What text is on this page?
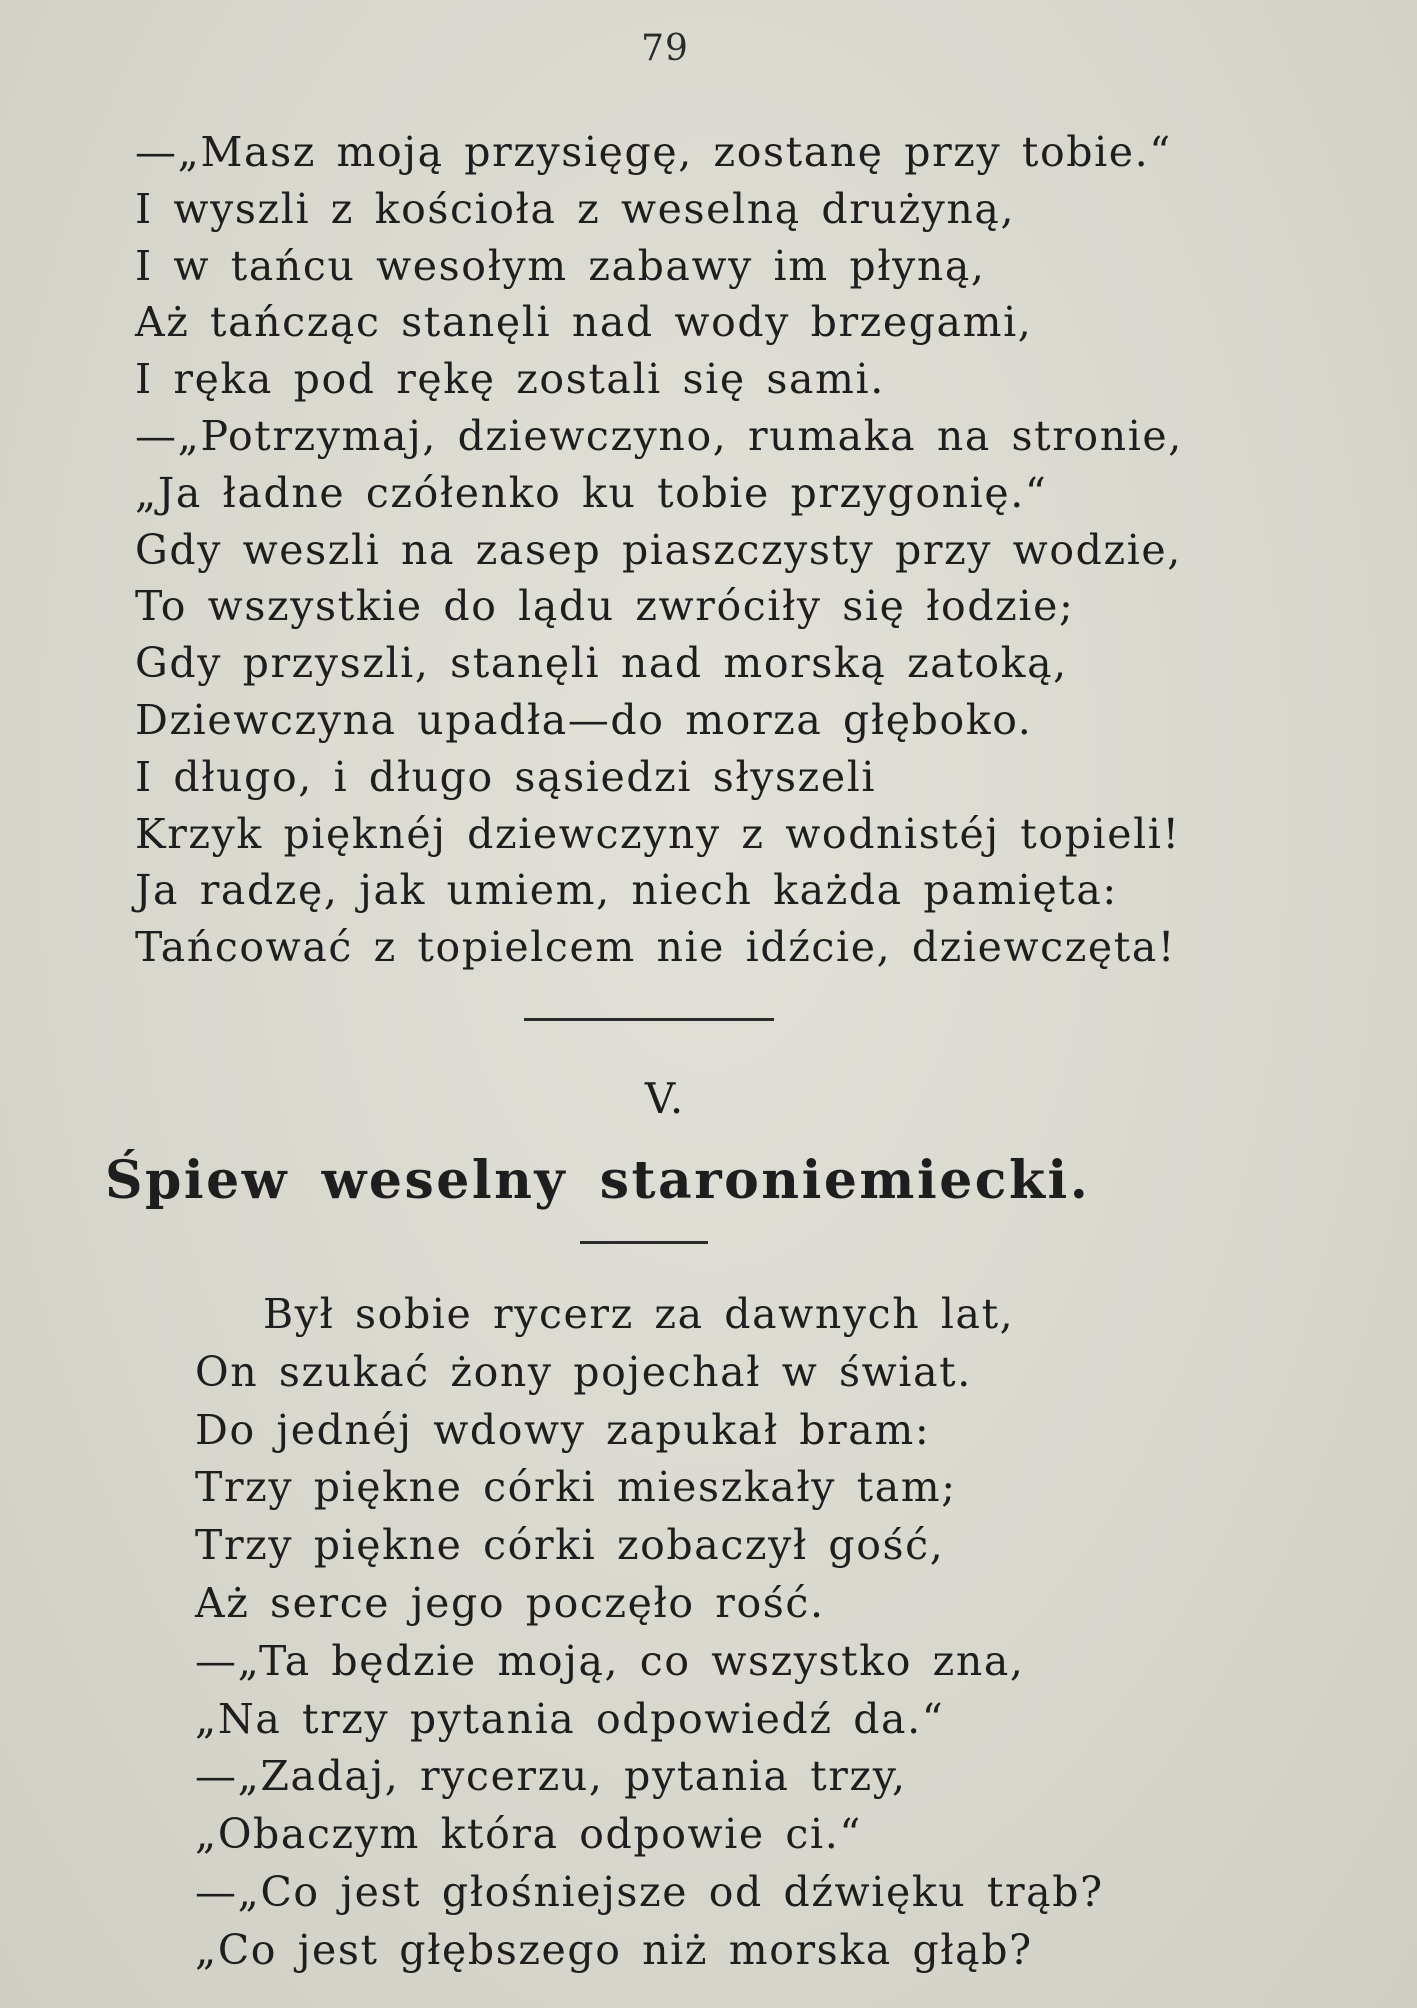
79
—„Masz moją przysięgę, zostanę przy tobie.“
I wyszli z kościoła z weselną drużyną,
I w tańcu wesołym zabawy im płyną,
Aż tańcząc stanęli nad wody brzegami,
I ręka pod rękę zostali się sami.
—„Potrzymaj, dziewczyno, rumaka na stronie,
„Ja ładne czółenko ku tobie przygonię.“
Gdy weszli na zasep piaszczysty przy wodzie,
To wszystkie do lądu zwróciły się łodzie;
Gdy przyszli, stanęli nad morską zatoką,
Dziewczyna upadła—do morza głęboko.
I długo, i długo sąsiedzi słyszeli
Krzyk pięknéj dziewczyny z wodnistéj topieli!
Ja radzę, jak umiem, niech każda pamięta:
Tańcować z topielcem nie idźcie, dziewczęta!
V.
Śpiew weselny staroniemiecki.
Był sobie rycerz za dawnych lat,
On szukać żony pojechał w świat.
Do jednéj wdowy zapukał bram:
Trzy piękne córki mieszkały tam;
Trzy piękne córki zobaczył gość,
Aż serce jego poczęło rość.
—„Ta będzie moją, co wszystko zna,
„Na trzy pytania odpowiedź da.“
—„Zadaj, rycerzu, pytania trzy,
„Obaczym która odpowie ci.“
—„Co jest głośniejsze od dźwięku trąb?
„Co jest głębszego niż morska głąb?
